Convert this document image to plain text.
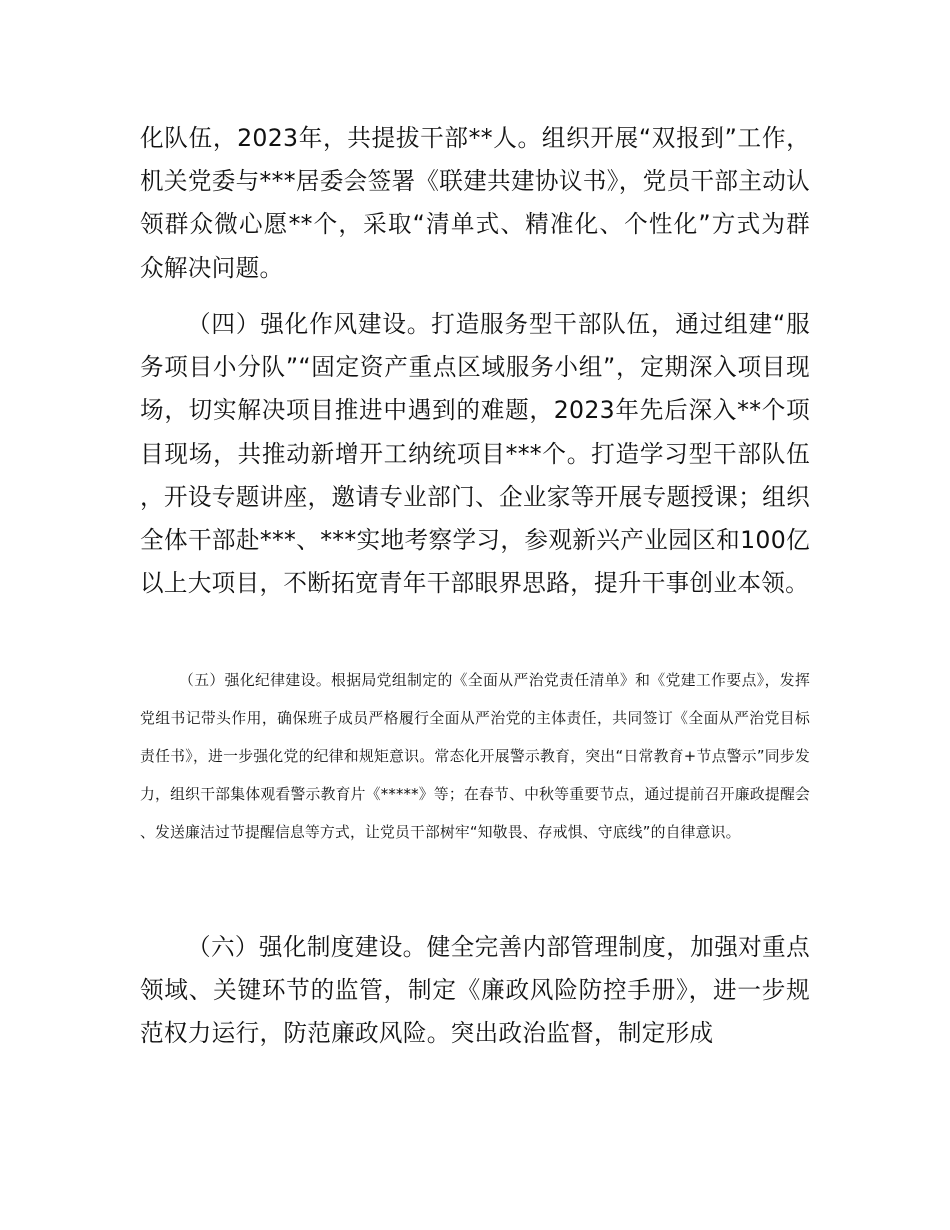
化队伍，2023年，共提拔干部**人。组织开展“双报到”工作，机关党委与***居委会签署《联建共建协议书》，党员干部主动认领群众微心愿**个，采取“清单式、精准化、个性化”方式为群众解决问题。

（四）强化作风建设。打造服务型干部队伍，通过组建“服务项目小分队”“固定资产重点区域服务小组”，定期深入项目现场，切实解决项目推进中遇到的难题，2023年先后深入**个项目现场，共推动新增开工纳统项目***个。打造学习型干部队伍，开设专题讲座，邀请专业部门、企业家等开展专题授课；组织全体干部赴***、***实地考察学习，参观新兴产业园区和100亿以上大项目，不断拓宽青年干部眼界思路，提升干事创业本领。

（五）强化纪律建设。根据局党组制定的《全面从严治党责任清单》和《党建工作要点》，发挥党组书记带头作用，确保班子成员严格履行全面从严治党的主体责任，共同签订《全面从严治党目标责任书》，进一步强化党的纪律和规矩意识。常态化开展警示教育，突出“日常教育+节点警示”同步发力，组织干部集体观看警示教育片《*****》等；在春节、中秋等重要节点，通过提前召开廉政提醒会、发送廉洁过节提醒信息等方式，让党员干部树牢“知敬畏、存戒惧、守底线”的自律意识。

（六）强化制度建设。健全完善内部管理制度，加强对重点领域、关键环节的监管，制定《廉政风险防控手册》，进一步规范权力运行，防范廉政风险。突出政治监督，制定形成
